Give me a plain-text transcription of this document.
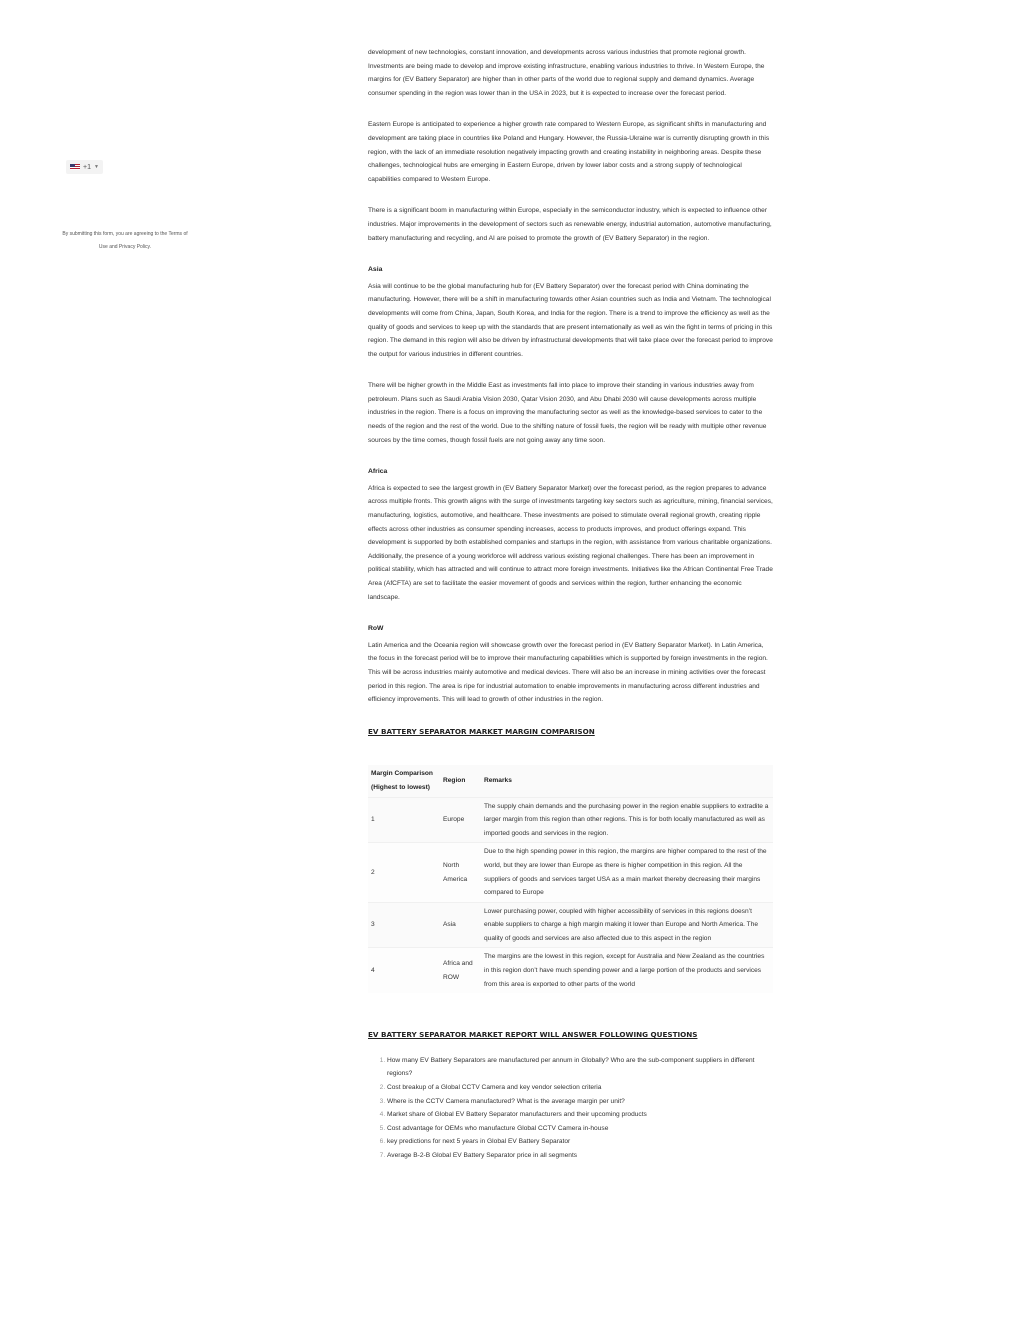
+1 ▼
By submitting this form, you are agreeing to the Terms of Use and Privacy Policy.

development of new technologies, constant innovation, and developments across various industries that promote regional growth. Investments are being made to develop and improve existing infrastructure, enabling various industries to thrive. In Western Europe, the margins for (EV Battery Separator) are higher than in other parts of the world due to regional supply and demand dynamics. Average consumer spending in the region was lower than in the USA in 2023, but it is expected to increase over the forecast period.

Eastern Europe is anticipated to experience a higher growth rate compared to Western Europe, as significant shifts in manufacturing and development are taking place in countries like Poland and Hungary. However, the Russia-Ukraine war is currently disrupting growth in this region, with the lack of an immediate resolution negatively impacting growth and creating instability in neighboring areas. Despite these challenges, technological hubs are emerging in Eastern Europe, driven by lower labor costs and a strong supply of technological capabilities compared to Western Europe.

There is a significant boom in manufacturing within Europe, especially in the semiconductor industry, which is expected to influence other industries. Major improvements in the development of sectors such as renewable energy, industrial automation, automotive manufacturing, battery manufacturing and recycling, and AI are poised to promote the growth of (EV Battery Separator) in the region.

Asia

Asia will continue to be the global manufacturing hub for (EV Battery Separator) over the forecast period with China dominating the manufacturing. However, there will be a shift in manufacturing towards other Asian countries such as India and Vietnam. The technological developments will come from China, Japan, South Korea, and India for the region. There is a trend to improve the efficiency as well as the quality of goods and services to keep up with the standards that are present internationally as well as win the fight in terms of pricing in this region. The demand in this region will also be driven by infrastructural developments that will take place over the forecast period to improve the output for various industries in different countries.

There will be higher growth in the Middle East as investments fall into place to improve their standing in various industries away from petroleum. Plans such as Saudi Arabia Vision 2030, Qatar Vision 2030, and Abu Dhabi 2030 will cause developments across multiple industries in the region. There is a focus on improving the manufacturing sector as well as the knowledge-based services to cater to the needs of the region and the rest of the world. Due to the shifting nature of fossil fuels, the region will be ready with multiple other revenue sources by the time comes, though fossil fuels are not going away any time soon.

Africa

Africa is expected to see the largest growth in (EV Battery Separator Market) over the forecast period, as the region prepares to advance across multiple fronts. This growth aligns with the surge of investments targeting key sectors such as agriculture, mining, financial services, manufacturing, logistics, automotive, and healthcare. These investments are poised to stimulate overall regional growth, creating ripple effects across other industries as consumer spending increases, access to products improves, and product offerings expand. This development is supported by both established companies and startups in the region, with assistance from various charitable organizations. Additionally, the presence of a young workforce will address various existing regional challenges. There has been an improvement in political stability, which has attracted and will continue to attract more foreign investments. Initiatives like the African Continental Free Trade Area (AfCFTA) are set to facilitate the easier movement of goods and services within the region, further enhancing the economic landscape.

RoW

Latin America and the Oceania region will showcase growth over the forecast period in (EV Battery Separator Market). In Latin America, the focus in the forecast period will be to improve their manufacturing capabilities which is supported by foreign investments in the region. This will be across industries mainly automotive and medical devices. There will also be an increase in mining activities over the forecast period in this region. The area is ripe for industrial automation to enable improvements in manufacturing across different industries and efficiency improvements. This will lead to growth of other industries in the region.

EV BATTERY SEPARATOR MARKET MARGIN COMPARISON
Margin Comparison (Highest to lowest)	Region	Remarks
1	Europe	The supply chain demands and the purchasing power in the region enable suppliers to extradite a larger margin from this region than other regions. This is for both locally manufactured as well as imported goods and services in the region.
2	North America	Due to the high spending power in this region, the margins are higher compared to the rest of the world, but they are lower than Europe as there is higher competition in this region. All the suppliers of goods and services target USA as a main market thereby decreasing their margins compared to Europe
3	Asia	Lower purchasing power, coupled with higher accessibility of services in this regions doesn’t enable suppliers to charge a high margin making it lower than Europe and North America. The quality of goods and services are also affected due to this aspect in the region
4	Africa and ROW	The margins are the lowest in this region, except for Australia and New Zealand as the countries in this region don’t have much spending power and a large portion of the products and services from this area is exported to other parts of the world
EV BATTERY SEPARATOR MARKET REPORT WILL ANSWER FOLLOWING QUESTIONS
1. How many EV Battery Separators are manufactured per annum in Globally? Who are the sub-component suppliers in different regions?
2. Cost breakup of a Global CCTV Camera and key vendor selection criteria
3. Where is the CCTV Camera manufactured? What is the average margin per unit?
4. Market share of Global EV Battery Separator manufacturers and their upcoming products
5. Cost advantage for OEMs who manufacture Global CCTV Camera in-house
6. key predictions for next 5 years in Global EV Battery Separator
7. Average B-2-B Global EV Battery Separator price in all segments
